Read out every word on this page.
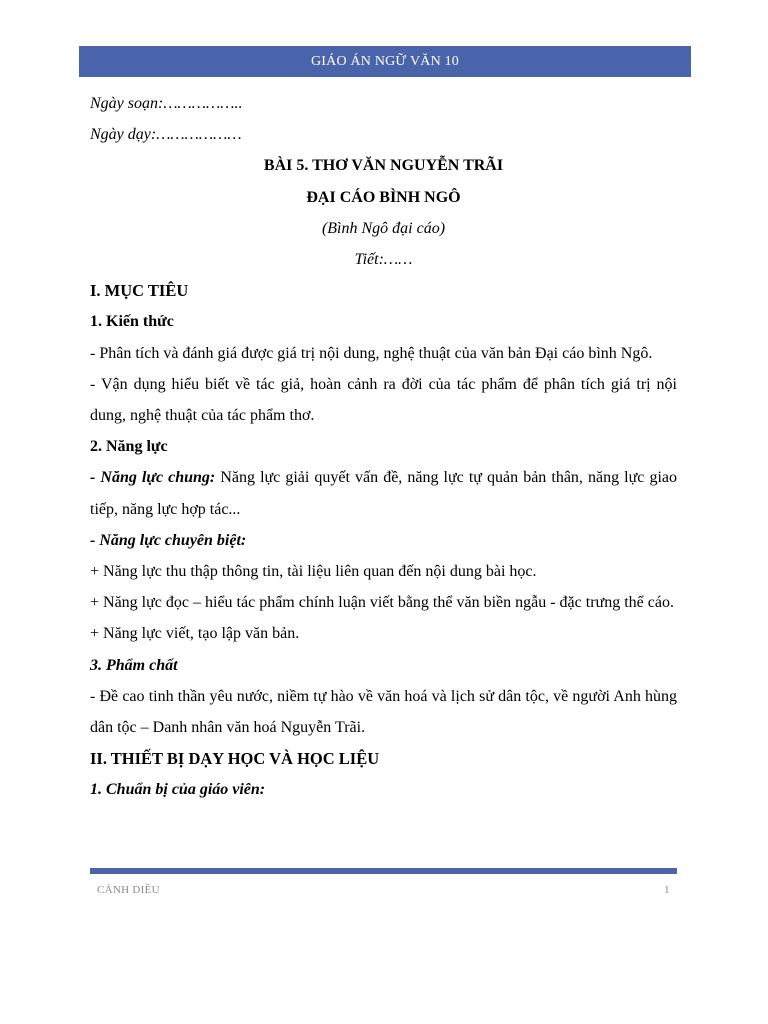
GIÁO ÁN NGỮ VĂN 10

Ngày soạn:……………..

Ngày dạy:………………

BÀI 5. THƠ VĂN NGUYỄN TRÃI

ĐẠI CÁO BÌNH NGÔ

(Bình Ngô đại cáo)

Tiết:……

I. MỤC TIÊU

1. Kiến thức

- Phân tích và đánh giá được giá trị nội dung, nghệ thuật của văn bản Đại cáo bình Ngô.

- Vận dụng hiểu biết về tác giả, hoàn cảnh ra đời của tác phẩm để phân tích giá trị nội dung, nghệ thuật của tác phẩm thơ.

2. Năng lực

- Năng lực chung: Năng lực giải quyết vấn đề, năng lực tự quản bản thân, năng lực giao tiếp, năng lực hợp tác...

- Năng lực chuyên biệt:

+ Năng lực thu thập thông tin, tài liệu liên quan đến nội dung bài học.

+ Năng lực đọc – hiểu tác phẩm chính luận viết bằng thể văn biền ngẫu - đặc trưng thể cáo.

+ Năng lực viết, tạo lập văn bản.

3. Phẩm chất

- Đề cao tinh thần yêu nước, niềm tự hào về văn hoá và lịch sử dân tộc, về người Anh hùng dân tộc – Danh nhân văn hoá Nguyễn Trãi.

II. THIẾT BỊ DẠY HỌC VÀ HỌC LIỆU

1. Chuẩn bị của giáo viên:

CÁNH DIỀU	1
